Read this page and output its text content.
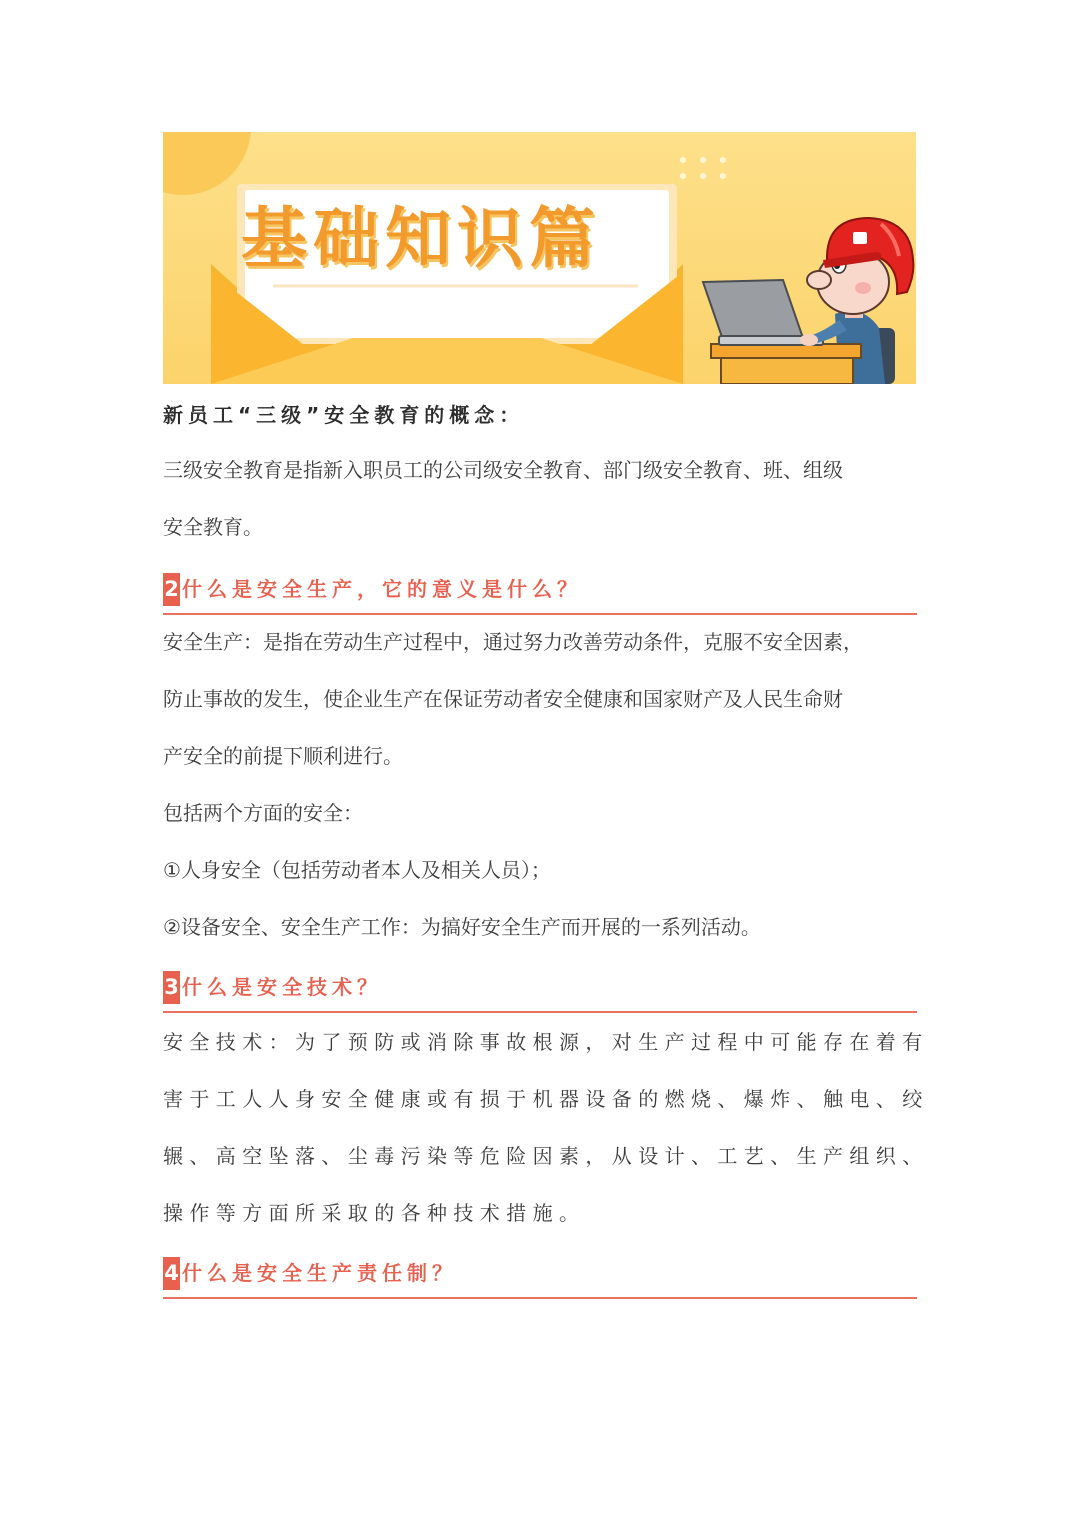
基础知识篇
新员工“三级”安全教育的概念：
三级安全教育是指新入职员工的公司级安全教育、部门级安全教育、班、组级
安全教育。
2 什么是安全生产，它的意义是什么？
安全生产：是指在劳动生产过程中，通过努力改善劳动条件，克服不安全因素，
防止事故的发生，使企业生产在保证劳动者安全健康和国家财产及人民生命财
产安全的前提下顺利进行。
包括两个方面的安全：
①人身安全（包括劳动者本人及相关人员）；
②设备安全、安全生产工作：为搞好安全生产而开展的一系列活动。
3 什么是安全技术？
安全技术：为了预防或消除事故根源，对生产过程中可能存在着有
害于工人人身安全健康或有损于机器设备的燃烧、爆炸、触电、绞
辗、高空坠落、尘毒污染等危险因素，从设计、工艺、生产组织、
操作等方面所采取的各种技术措施。
4 什么是安全生产责任制？
